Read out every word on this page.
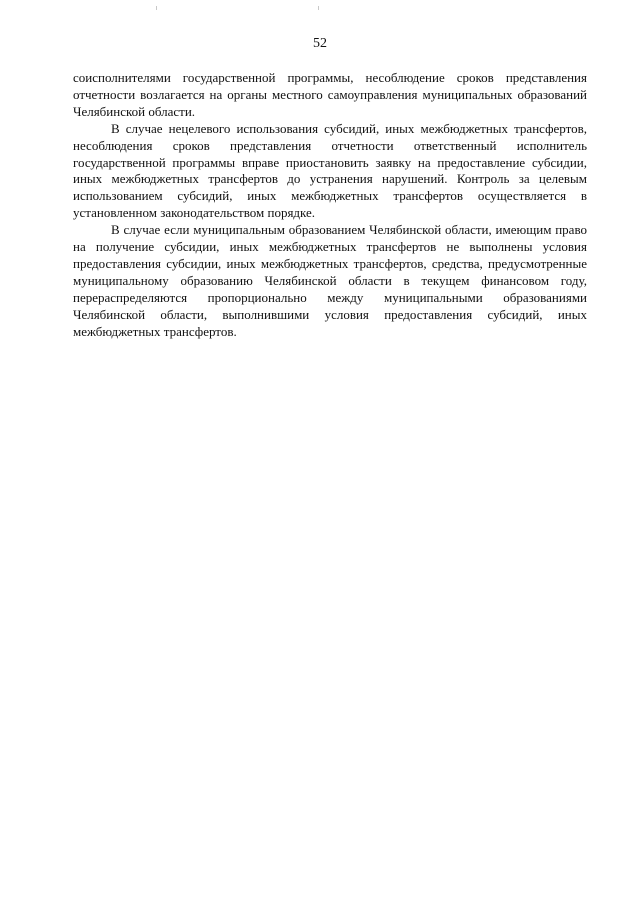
52

соисполнителями государственной программы, несоблюдение сроков представления отчетности возлагается на органы местного самоуправления муниципальных образований Челябинской области.

В случае нецелевого использования субсидий, иных межбюджетных трансфертов, несоблюдения сроков представления отчетности ответственный исполнитель государственной программы вправе приостановить заявку на предоставление субсидии, иных межбюджетных трансфертов до устранения нарушений. Контроль за целевым использованием субсидий, иных межбюджетных трансфертов осуществляется в установленном законодательством порядке.

В случае если муниципальным образованием Челябинской области, имеющим право на получение субсидии, иных межбюджетных трансфертов не выполнены условия предоставления субсидии, иных межбюджетных трансфертов, средства, предусмотренные муниципальному образованию Челябинской области в текущем финансовом году, перераспределяются пропорционально между муниципальными образованиями Челябинской области, выполнившими условия предоставления субсидий, иных межбюджетных трансфертов.
